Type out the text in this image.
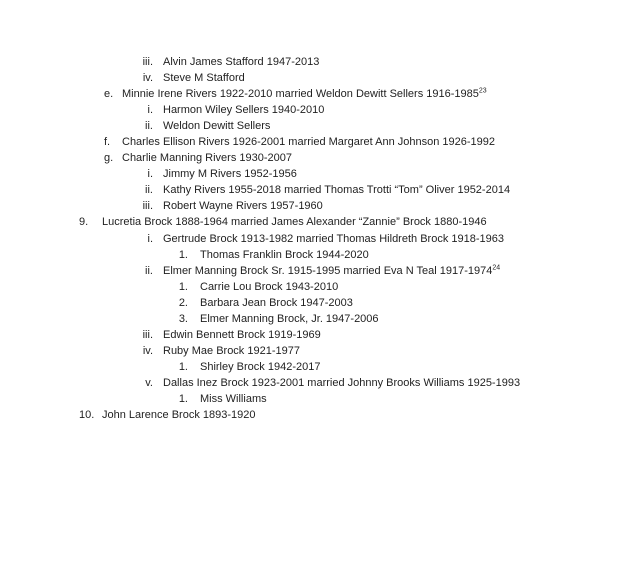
iii. Alvin James Stafford 1947-2013
iv. Steve M Stafford
e. Minnie Irene Rivers 1922-2010 married Weldon Dewitt Sellers 1916-1985$^{23}$
i. Harmon Wiley Sellers 1940-2010
ii. Weldon Dewitt Sellers
f. Charles Ellison Rivers 1926-2001 married Margaret Ann Johnson 1926-1992
g. Charlie Manning Rivers 1930-2007
i. Jimmy M Rivers 1952-1956
ii. Kathy Rivers 1955-2018 married Thomas Trotti “Tom” Oliver 1952-2014
iii. Robert Wayne Rivers 1957-1960
9. Lucretia Brock 1888-1964 married James Alexander “Zannie” Brock 1880-1946
i. Gertrude Brock 1913-1982 married Thomas Hildreth Brock 1918-1963
1. Thomas Franklin Brock 1944-2020
ii. Elmer Manning Brock Sr. 1915-1995 married Eva N Teal 1917-1974$^{24}$
1. Carrie Lou Brock 1943-2010
2. Barbara Jean Brock 1947-2003
3. Elmer Manning Brock, Jr. 1947-2006
iii. Edwin Bennett Brock 1919-1969
iv. Ruby Mae Brock 1921-1977
1. Shirley Brock 1942-2017
v. Dallas Inez Brock 1923-2001 married Johnny Brooks Williams 1925-1993
1. Miss Williams
10. John Larence Brock 1893-1920
